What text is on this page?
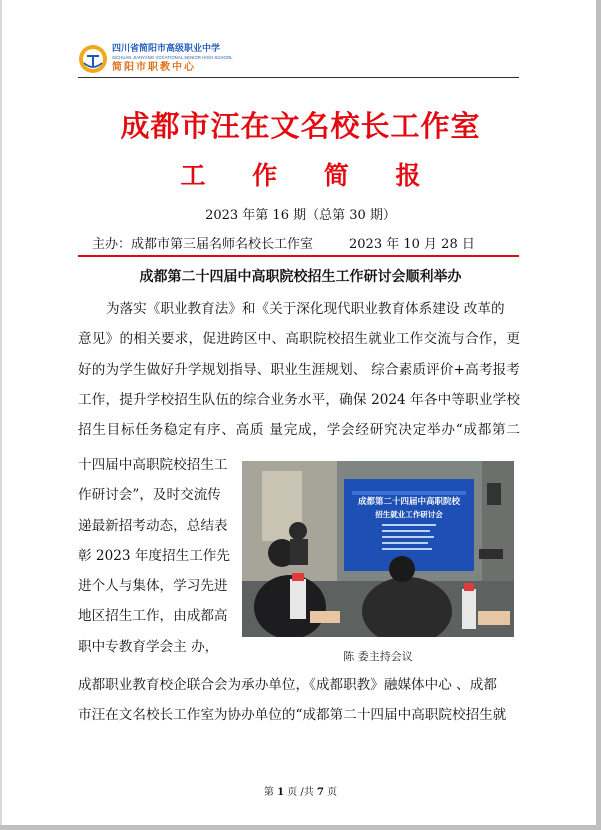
四川省简阳市高级职业中学
SICHUAN JIANYANG VOCATIONAL SENIOR HIGH SCHOOL
简阳市职教中心
成都市汪在文名校长工作室
工 作 简 报
2023 年第 16 期（总第 30 期）
主办：成都市第三届名师名校长工作室	2023 年 10 月 28 日
成都第二十四届中高职院校招生工作研讨会顺利举办
为落实《职业教育法》和《关于深化现代职业教育体系建设 改革的
意见》的相关要求，促进跨区中、高职院校招生就业工作交流与合作，更
好的为学生做好升学规划指导、职业生涯规划、 综合素质评价+高考报考
工作，提升学校招生队伍的综合业务水平，确保 2024 年各中等职业学校
招生目标任务稳定有序、高质 量完成，学会经研究决定举办“成都第二
十四届中高职院校招生工
作研讨会”，及时交流传
递最新招考动态，总结表
彰 2023 年度招生工作先
进个人与集体，学习先进
地区招生工作，由成都高
职中专教育学会主 办，
成都第二十四届中高职院校
招生就业工作研讨会
陈 委主持会议
成都职业教育校企联合会为承办单位，《成都职教》融媒体中心 、成都
市汪在文名校长工作室为协办单位的“成都第二十四届中高职院校招生就
第 1 页 /共 7 页
